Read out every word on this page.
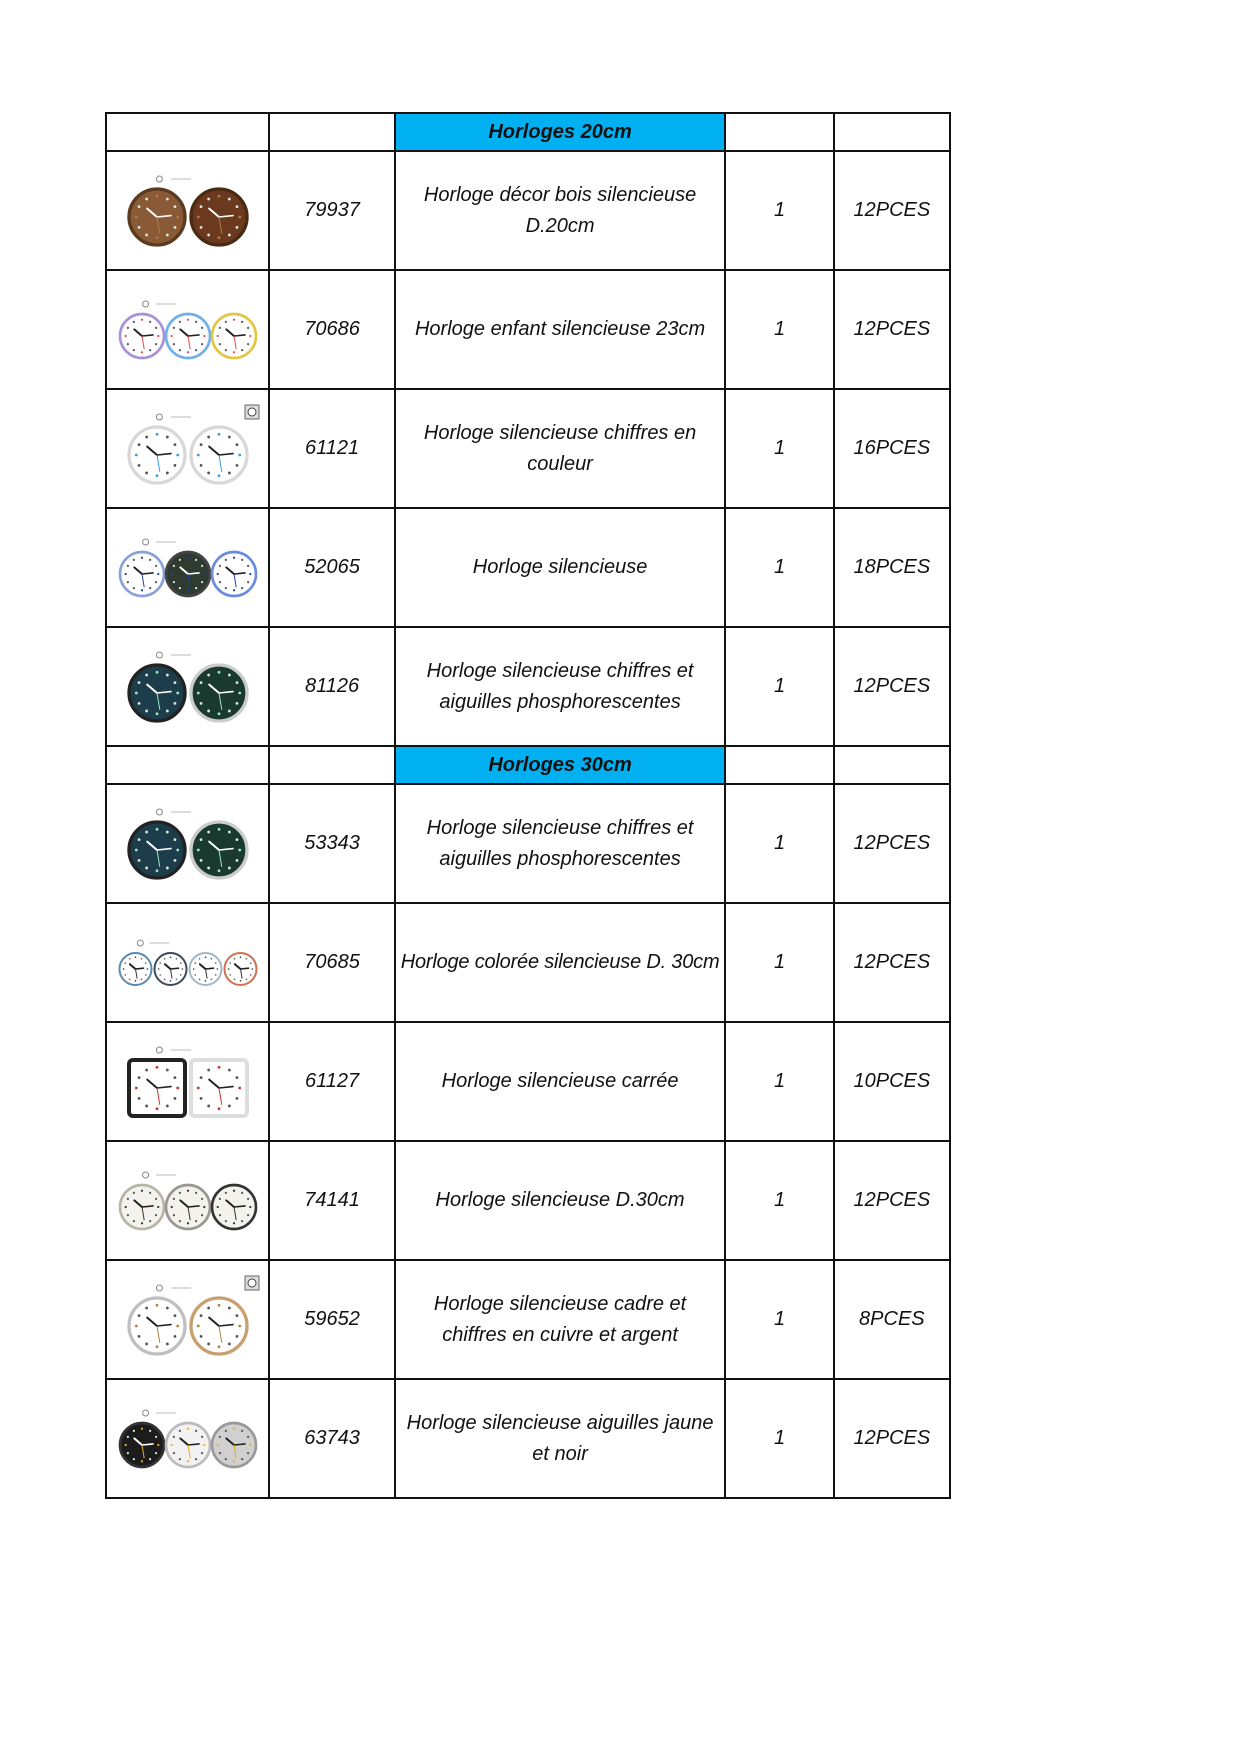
		Horloges 20cm		

	79937	Horloge décor bois silencieuse D.20cm	1	12PCES

	70686	Horloge enfant silencieuse 23cm	1	12PCES

	61121	Horloge silencieuse chiffres en couleur	1	16PCES

	52065	Horloge silencieuse	1	18PCES

	81126	Horloge silencieuse chiffres et aiguilles phosphorescentes	1	12PCES
		Horloges 30cm		

	53343	Horloge silencieuse chiffres et aiguilles phosphorescentes	1	12PCES

	70685	Horloge colorée silencieuse D. 30cm	1	12PCES

	61127	Horloge silencieuse carrée	1	10PCES

	74141	Horloge silencieuse D.30cm	1	12PCES

	59652	Horloge silencieuse cadre et chiffres en cuivre et argent	1	8PCES

	63743	Horloge silencieuse aiguilles jaune et noir	1	12PCES
